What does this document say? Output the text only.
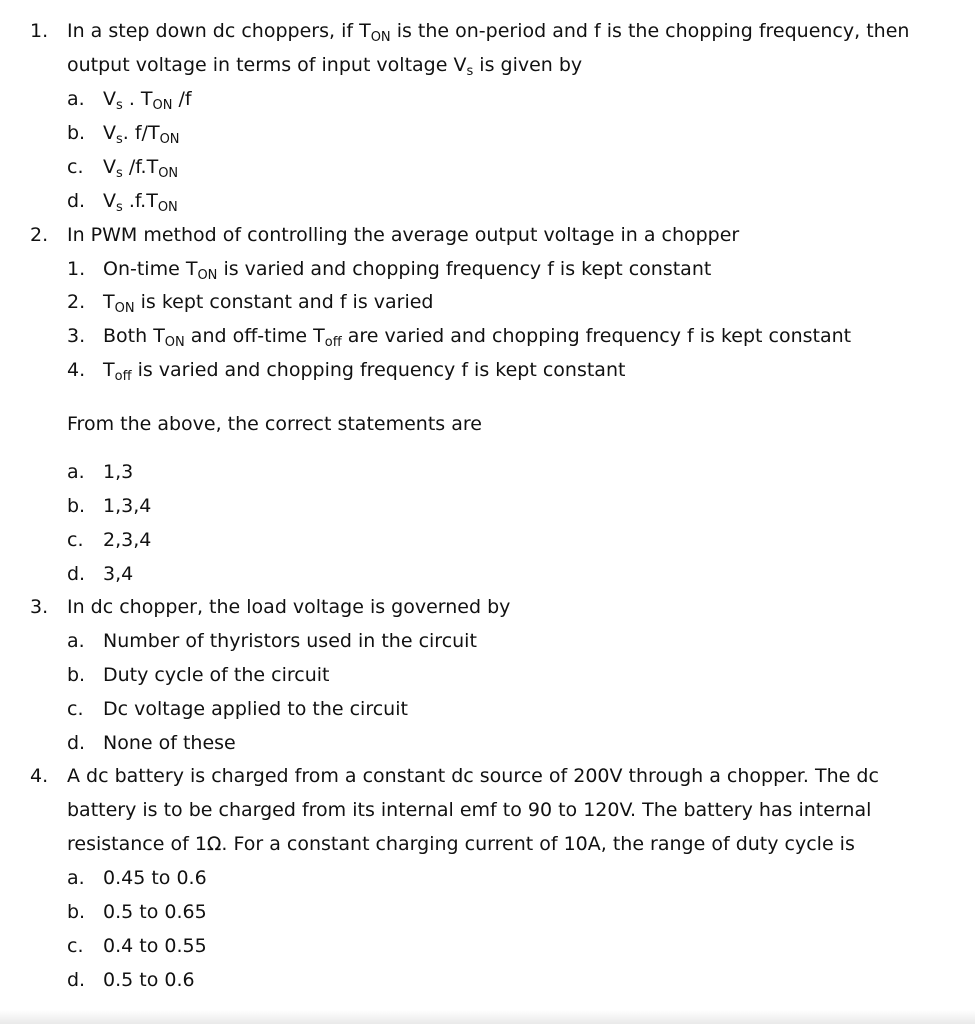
1. In a step down dc choppers, if $T_{ON}$ is the on-period and f is the chopping frequency, then
output voltage in terms of input voltage $V_s$ is given by
a. $V_s$ . $T_{ON}$ /f
b. $V_s$. $f/T_{ON}$
c. $V_s$ $/f.T_{ON}$
d. $V_s$ $.f.T_{ON}$
2. In PWM method of controlling the average output voltage in a chopper
1. On-time $T_{ON}$ is varied and chopping frequency f is kept constant
2. $T_{ON}$ is kept constant and f is varied
3. Both $T_{ON}$ and off-time $T_{off}$ are varied and chopping frequency f is kept constant
4. $T_{off}$ is varied and chopping frequency f is kept constant
From the above, the correct statements are
a. 1,3
b. 1,3,4
c. 2,3,4
d. 3,4
3. In dc chopper, the load voltage is governed by
a. Number of thyristors used in the circuit
b. Duty cycle of the circuit
c. Dc voltage applied to the circuit
d. None of these
4. A dc battery is charged from a constant dc source of 200V through a chopper. The dc
battery is to be charged from its internal emf to 90 to 120V. The battery has internal
resistance of 1Ω. For a constant charging current of 10A, the range of duty cycle is
a. 0.45 to 0.6
b. 0.5 to 0.65
c. 0.4 to 0.55
d. 0.5 to 0.6
